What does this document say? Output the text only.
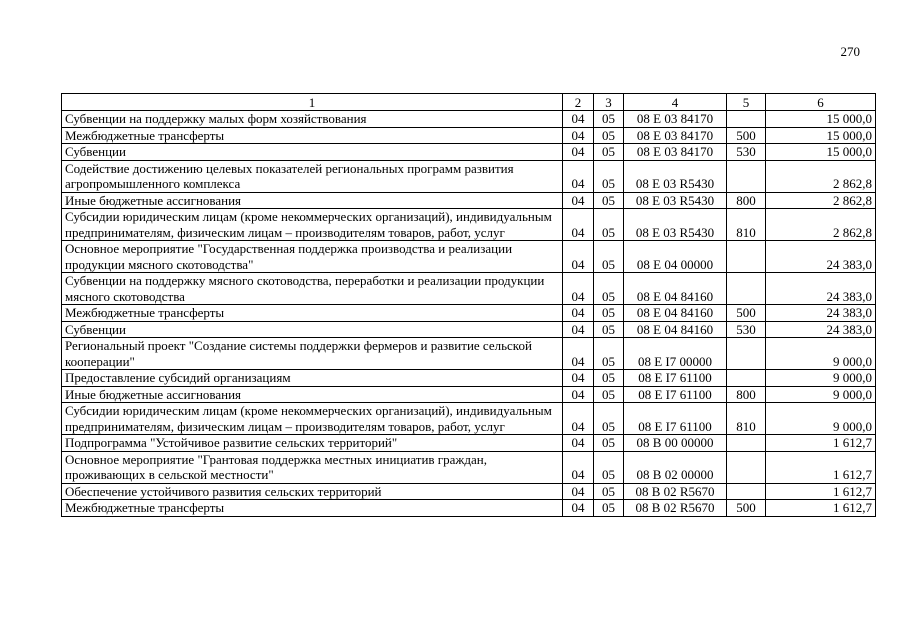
270
1	2	3	4	5	6
Субвенции на поддержку малых форм хозяйствования	04	05	08 Е 03 84170		15 000,0
Межбюджетные трансферты	04	05	08 Е 03 84170	500	15 000,0
Субвенции	04	05	08 Е 03 84170	530	15 000,0
Содействие достижению целевых показателей региональных программ развития агропромышленного комплекса	04	05	08 Е 03 R5430		2 862,8
Иные бюджетные ассигнования	04	05	08 Е 03 R5430	800	2 862,8
Субсидии юридическим лицам (кроме некоммерческих организаций), индивидуальным предпринимателям, физическим лицам – производителям товаров, работ, услуг	04	05	08 Е 03 R5430	810	2 862,8
Основное мероприятие "Государственная поддержка производства и реализации продукции мясного скотоводства"	04	05	08 Е 04 00000		24 383,0
Субвенции на поддержку мясного скотоводства, переработки и реализации продукции мясного скотоводства	04	05	08 Е 04 84160		24 383,0
Межбюджетные трансферты	04	05	08 Е 04 84160	500	24 383,0
Субвенции	04	05	08 Е 04 84160	530	24 383,0
Региональный проект "Создание системы поддержки фермеров и развитие сельской кооперации"	04	05	08 Е I7 00000		9 000,0
Предоставление субсидий организациям	04	05	08 Е I7 61100		9 000,0
Иные бюджетные ассигнования	04	05	08 Е I7 61100	800	9 000,0
Субсидии юридическим лицам (кроме некоммерческих организаций), индивидуальным предпринимателям, физическим лицам – производителям товаров, работ, услуг	04	05	08 Е I7 61100	810	9 000,0
Подпрограмма "Устойчивое развитие сельских территорий"	04	05	08 В 00 00000		1 612,7
Основное мероприятие "Грантовая поддержка местных инициатив граждан, проживающих в сельской местности"	04	05	08 В 02 00000		1 612,7
Обеспечение устойчивого развития сельских территорий	04	05	08 В 02 R5670		1 612,7
Межбюджетные трансферты	04	05	08 В 02 R5670	500	1 612,7
